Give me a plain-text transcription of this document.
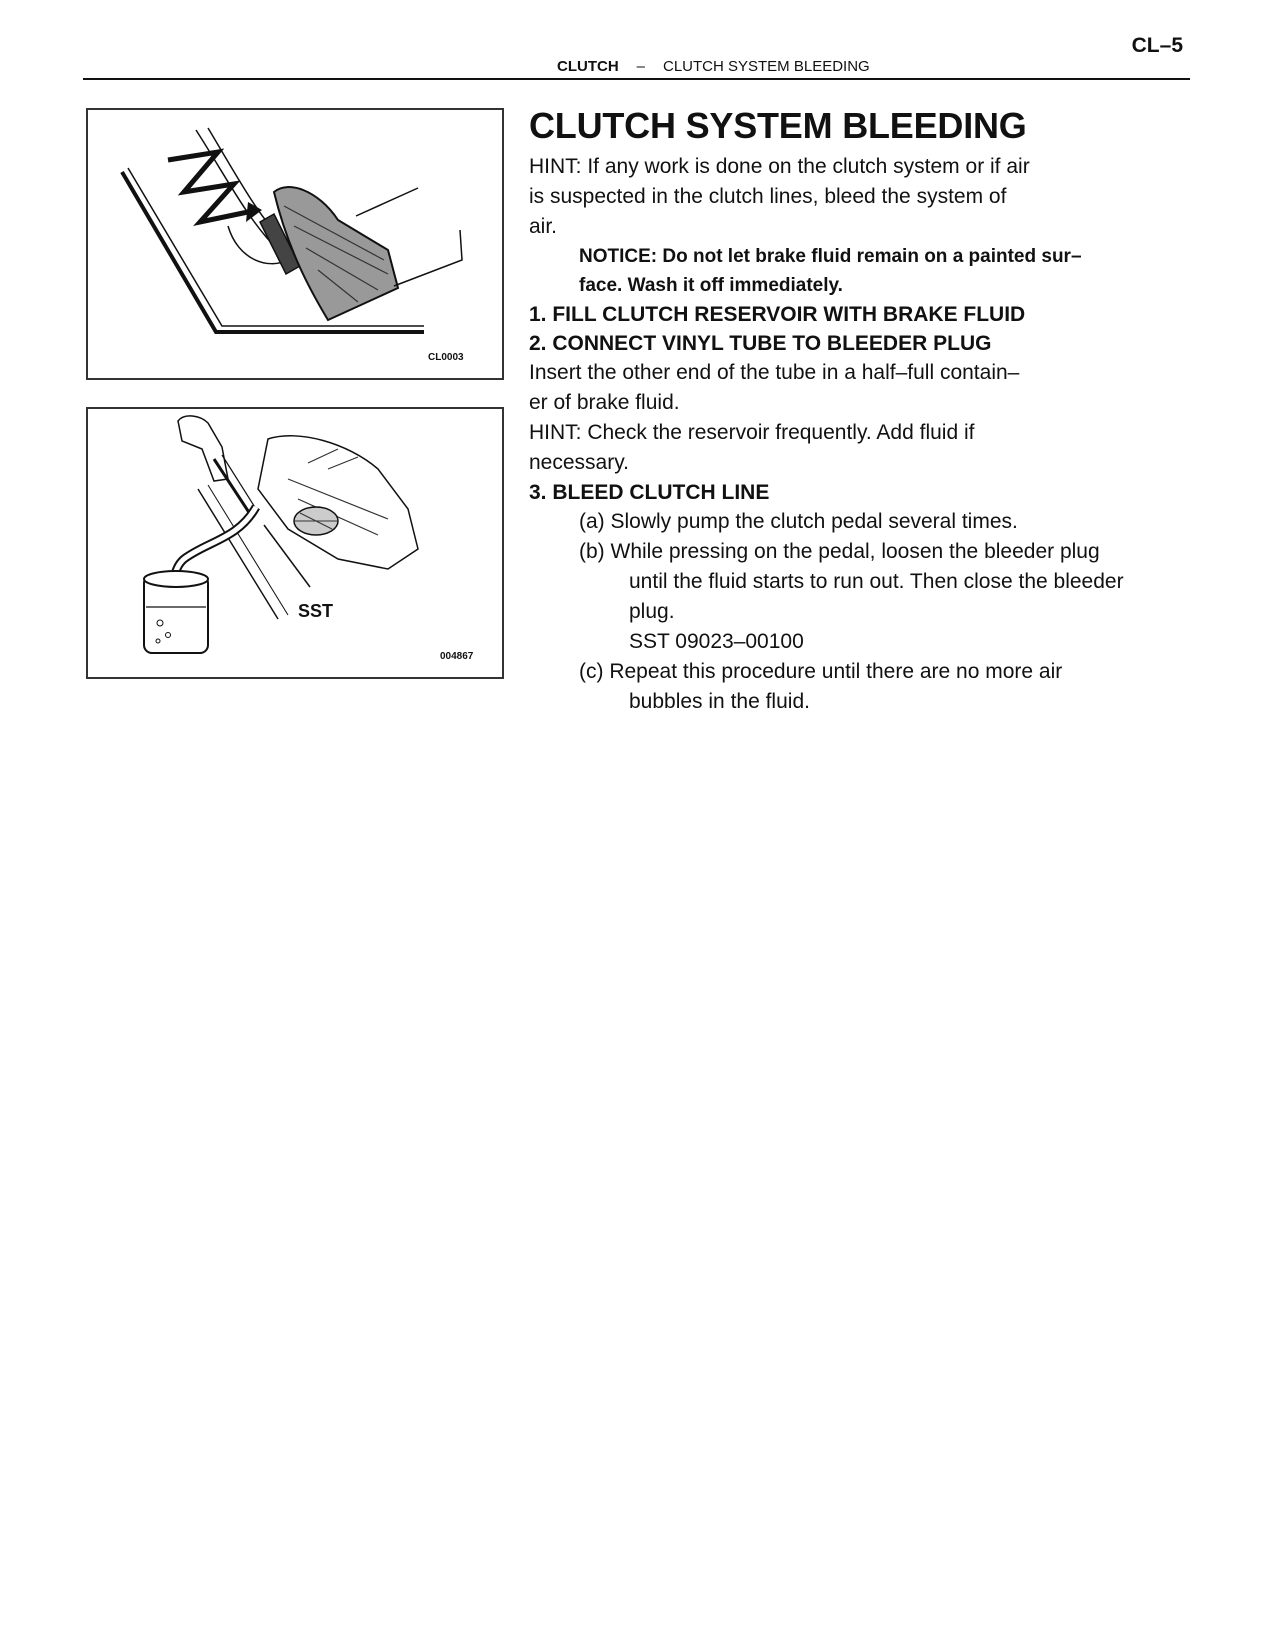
CL–5
CLUTCH – CLUTCH SYSTEM BLEEDING
CL0003
SST
004867
CLUTCH SYSTEM BLEEDING

HINT: If any work is done on the clutch system or if air

is suspected in the clutch lines, bleed the system of

air.

NOTICE: Do not let brake fluid remain on a painted sur–

face. Wash it off immediately.

1. FILL CLUTCH RESERVOIR WITH BRAKE FLUID

2. CONNECT VINYL TUBE TO BLEEDER PLUG

Insert the other end of the tube in a half–full contain–

er of brake fluid.

HINT: Check the reservoir frequently. Add fluid if

necessary.

3. BLEED CLUTCH LINE

(a) Slowly pump the clutch pedal several times.

(b) While pressing on the pedal, loosen the bleeder plug
until the fluid starts to run out. Then close the bleeder
plug.
SST 09023–00100

(c) Repeat this procedure until there are no more air
bubbles in the fluid.
